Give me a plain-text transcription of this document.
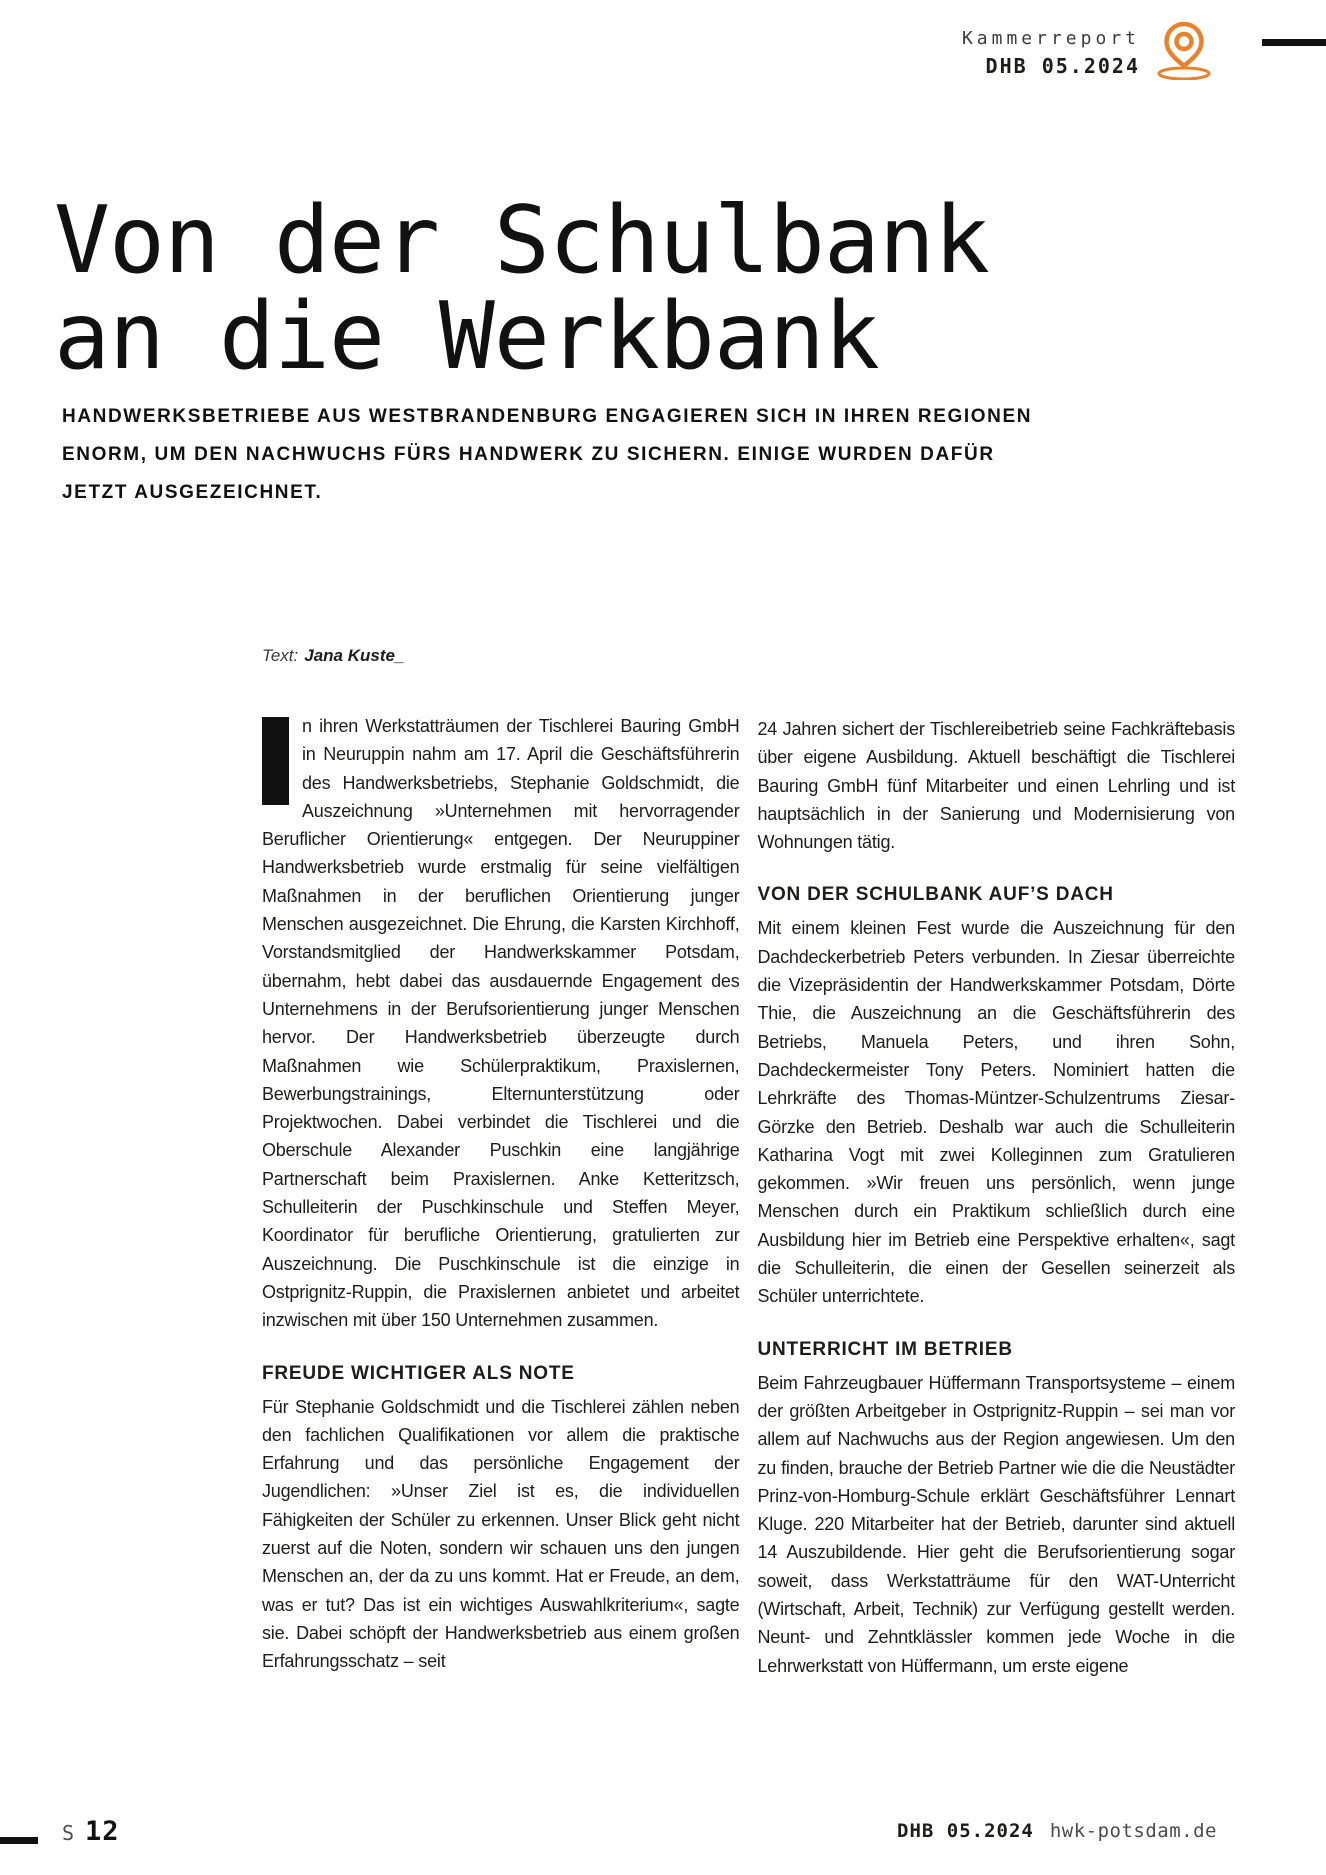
Kammerreport
DHB 05.2024
Von der Schulbank
an die Werkbank
HANDWERKSBETRIEBE AUS WESTBRANDENBURG ENGAGIEREN SICH IN IHREN REGIONEN
ENORM, UM DEN NACHWUCHS FÜRS HANDWERK ZU SICHERN. EINIGE WURDEN DAFÜR
JETZT AUSGEZEICHNET.
Text: Jana Kuste_

n ihren Werkstatträumen der Tischlerei Bauring GmbH in Neuruppin nahm am 17. April die Geschäftsführerin des Handwerksbetriebs, Stephanie Goldschmidt, die Auszeichnung »Unternehmen mit hervorragender Beruflicher Orientierung« entgegen. Der Neuruppiner Handwerksbetrieb wurde erstmalig für seine vielfältigen Maßnahmen in der beruflichen Orientierung junger Menschen ausgezeichnet. Die Ehrung, die Karsten Kirchhoff, Vorstandsmitglied der Handwerkskammer Potsdam, übernahm, hebt dabei das ausdauernde Engagement des Unternehmens in der Berufsorientierung junger Menschen hervor. Der Handwerksbetrieb überzeugte durch Maßnahmen wie Schülerpraktikum, Praxislernen, Bewerbungstrainings, Elternunterstützung oder Projektwochen. Dabei verbindet die Tischlerei und die Oberschule Alexander Puschkin eine langjährige Partnerschaft beim Praxislernen. Anke Ketteritzsch, Schulleiterin der Puschkinschule und Steffen Meyer, Koordinator für berufliche Orientierung, gratulierten zur Auszeichnung. Die Puschkinschule ist die einzige in Ostprignitz-Ruppin, die Praxislernen anbietet und arbeitet inzwischen mit über 150 Unternehmen zusammen.

FREUDE WICHTIGER ALS NOTE

Für Stephanie Goldschmidt und die Tischlerei zählen neben den fachlichen Qualifikationen vor allem die praktische Erfahrung und das persönliche Engagement der Jugendlichen: »Unser Ziel ist es, die individuellen Fähigkeiten der Schüler zu erkennen. Unser Blick geht nicht zuerst auf die Noten, sondern wir schauen uns den jungen Menschen an, der da zu uns kommt. Hat er Freude, an dem, was er tut? Das ist ein wichtiges Auswahlkriterium«, sagte sie. Dabei schöpft der Handwerksbetrieb aus einem großen Erfahrungsschatz – seit

24 Jahren sichert der Tischlereibetrieb seine Fachkräftebasis über eigene Ausbildung. Aktuell beschäftigt die Tischlerei Bauring GmbH fünf Mitarbeiter und einen Lehrling und ist hauptsächlich in der Sanierung und Modernisierung von Wohnungen tätig.

VON DER SCHULBANK AUF’S DACH

Mit einem kleinen Fest wurde die Auszeichnung für den Dachdeckerbetrieb Peters verbunden. In Ziesar überreichte die Vizepräsidentin der Handwerkskammer Potsdam, Dörte Thie, die Auszeichnung an die Geschäftsführerin des Betriebs, Manuela Peters, und ihren Sohn, Dachdeckermeister Tony Peters. Nominiert hatten die Lehrkräfte des Thomas-Müntzer-Schulzentrums Ziesar-Görzke den Betrieb. Deshalb war auch die Schulleiterin Katharina Vogt mit zwei Kolleginnen zum Gratulieren gekommen. »Wir freuen uns persönlich, wenn junge Menschen durch ein Praktikum schließlich durch eine Ausbildung hier im Betrieb eine Perspektive erhalten«, sagt die Schulleiterin, die einen der Gesellen seinerzeit als Schüler unterrichtete.

UNTERRICHT IM BETRIEB

Beim Fahrzeugbauer Hüffermann Transportsysteme – einem der größten Arbeitgeber in Ostprignitz-Ruppin – sei man vor allem auf Nachwuchs aus der Region angewiesen. Um den zu finden, brauche der Betrieb Partner wie die die Neustädter Prinz-von-Homburg-Schule erklärt Geschäftsführer Lennart Kluge. 220 Mitarbeiter hat der Betrieb, darunter sind aktuell 14 Auszubildende. Hier geht die Berufsorientierung sogar soweit, dass Werkstatträume für den WAT-Unterricht (Wirtschaft, Arbeit, Technik) zur Verfügung gestellt werden. Neunt- und Zehntklässler kommen jede Woche in die Lehrwerkstatt von Hüffermann, um erste eigene

S 12	DHB 05.2024 hwk-potsdam.de
